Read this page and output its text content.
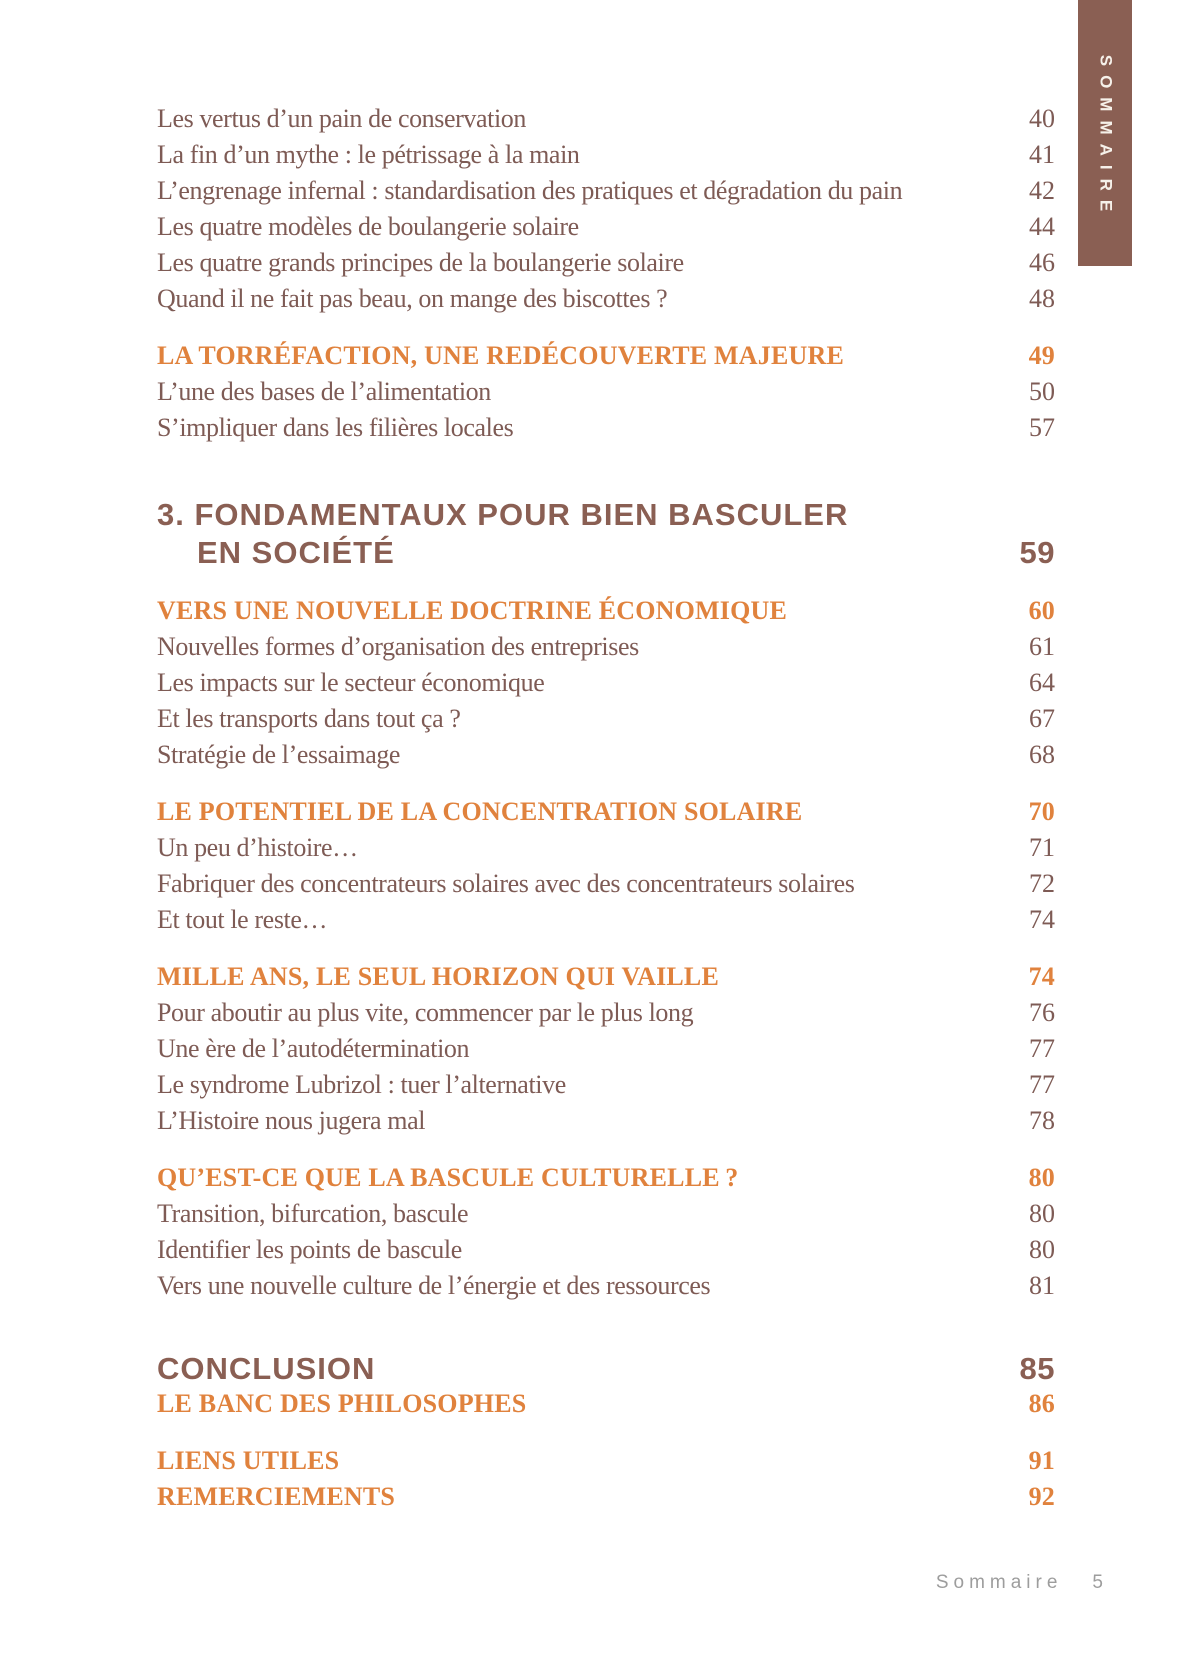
SOMMAIRE
Les vertus d’un pain de conservation	40
La fin d’un mythe : le pétrissage à la main	41
L’engrenage infernal : standardisation des pratiques et dégradation du pain	42
Les quatre modèles de boulangerie solaire	44
Les quatre grands principes de la boulangerie solaire	46
Quand il ne fait pas beau, on mange des biscottes ?	48
LA TORRÉFACTION, UNE REDÉCOUVERTE MAJEURE	49
L’une des bases de l’alimentation	50
S’impliquer dans les filières locales	57
3. FONDAMENTAUX POUR BIEN BASCULER
EN SOCIÉTÉ	59
VERS UNE NOUVELLE DOCTRINE ÉCONOMIQUE	60
Nouvelles formes d’organisation des entreprises	61
Les impacts sur le secteur économique	64
Et les transports dans tout ça ?	67
Stratégie de l’essaimage	68
LE POTENTIEL DE LA CONCENTRATION SOLAIRE	70
Un peu d’histoire…	71
Fabriquer des concentrateurs solaires avec des concentrateurs solaires	72
Et tout le reste…	74
MILLE ANS, LE SEUL HORIZON QUI VAILLE	74
Pour aboutir au plus vite, commencer par le plus long	76
Une ère de l’autodétermination	77
Le syndrome Lubrizol : tuer l’alternative	77
L’Histoire nous jugera mal	78
QU’EST-CE QUE LA BASCULE CULTURELLE ?	80
Transition, bifurcation, bascule	80
Identifier les points de bascule	80
Vers une nouvelle culture de l’énergie et des ressources	81
CONCLUSION	85
LE BANC DES PHILOSOPHES	86
LIENS UTILES	91
REMERCIEMENTS	92
Sommaire 5
